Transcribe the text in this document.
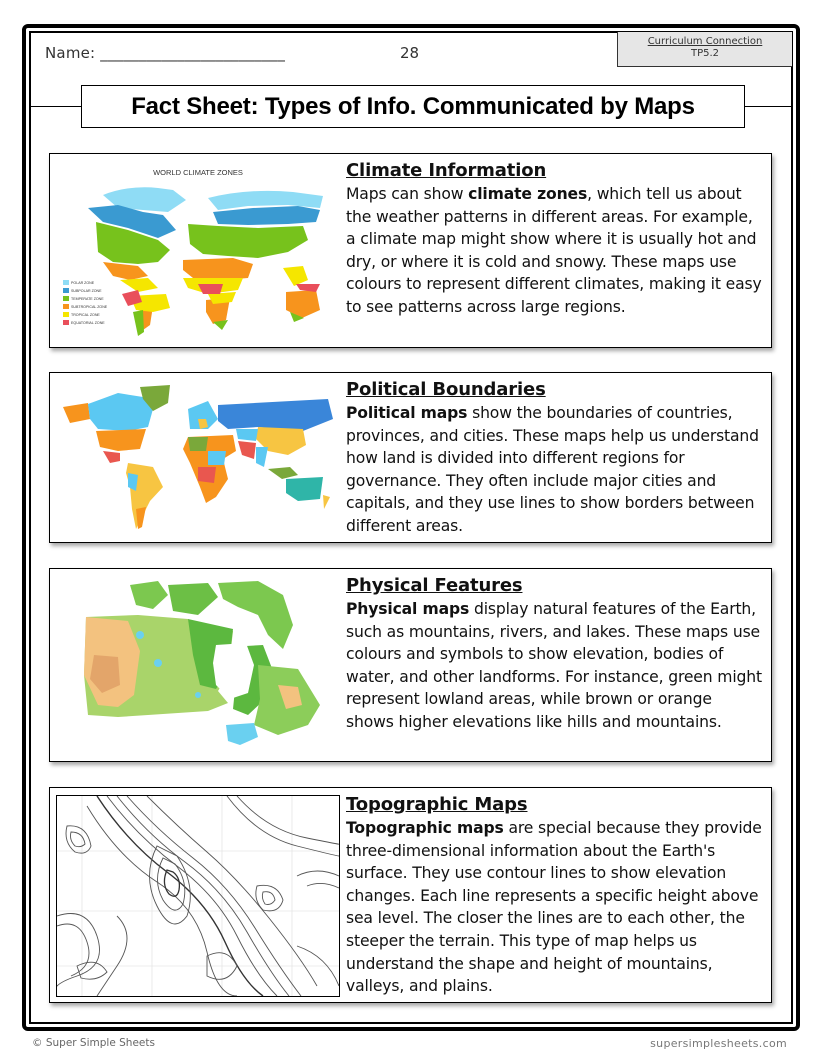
Name: ________________________	28
Curriculum Connection
TP5.2
Fact Sheet: Types of Info. Communicated by Maps
WORLD CLIMATE ZONES
POLAR ZONE
SUBPOLAR ZONE
TEMPERATE ZONE
SUBTROPICAL ZONE
TROPICAL ZONE
EQUATORIAL ZONE
Climate Information
Maps can show climate zones, which tell us about the weather patterns in different areas. For example, a climate map might show where it is usually hot and dry, or where it is cold and snowy. These maps use colours to represent different climates, making it easy to see patterns across large regions.
Political Boundaries
Political maps show the boundaries of countries, provinces, and cities. These maps help us understand how land is divided into different regions for governance. They often include major cities and capitals, and they use lines to show borders between different areas.
Physical Features
Physical maps display natural features of the Earth, such as mountains, rivers, and lakes. These maps use colours and symbols to show elevation, bodies of water, and other landforms. For instance, green might represent lowland areas, while brown or orange shows higher elevations like hills and mountains.
Topographic Maps
Topographic maps are special because they provide three-dimensional information about the Earth's surface. They use contour lines to show elevation changes. Each line represents a specific height above sea level. The closer the lines are to each other, the steeper the terrain. This type of map helps us understand the shape and height of mountains, valleys, and plains.
© Super Simple Sheets	supersimplesheets.com
